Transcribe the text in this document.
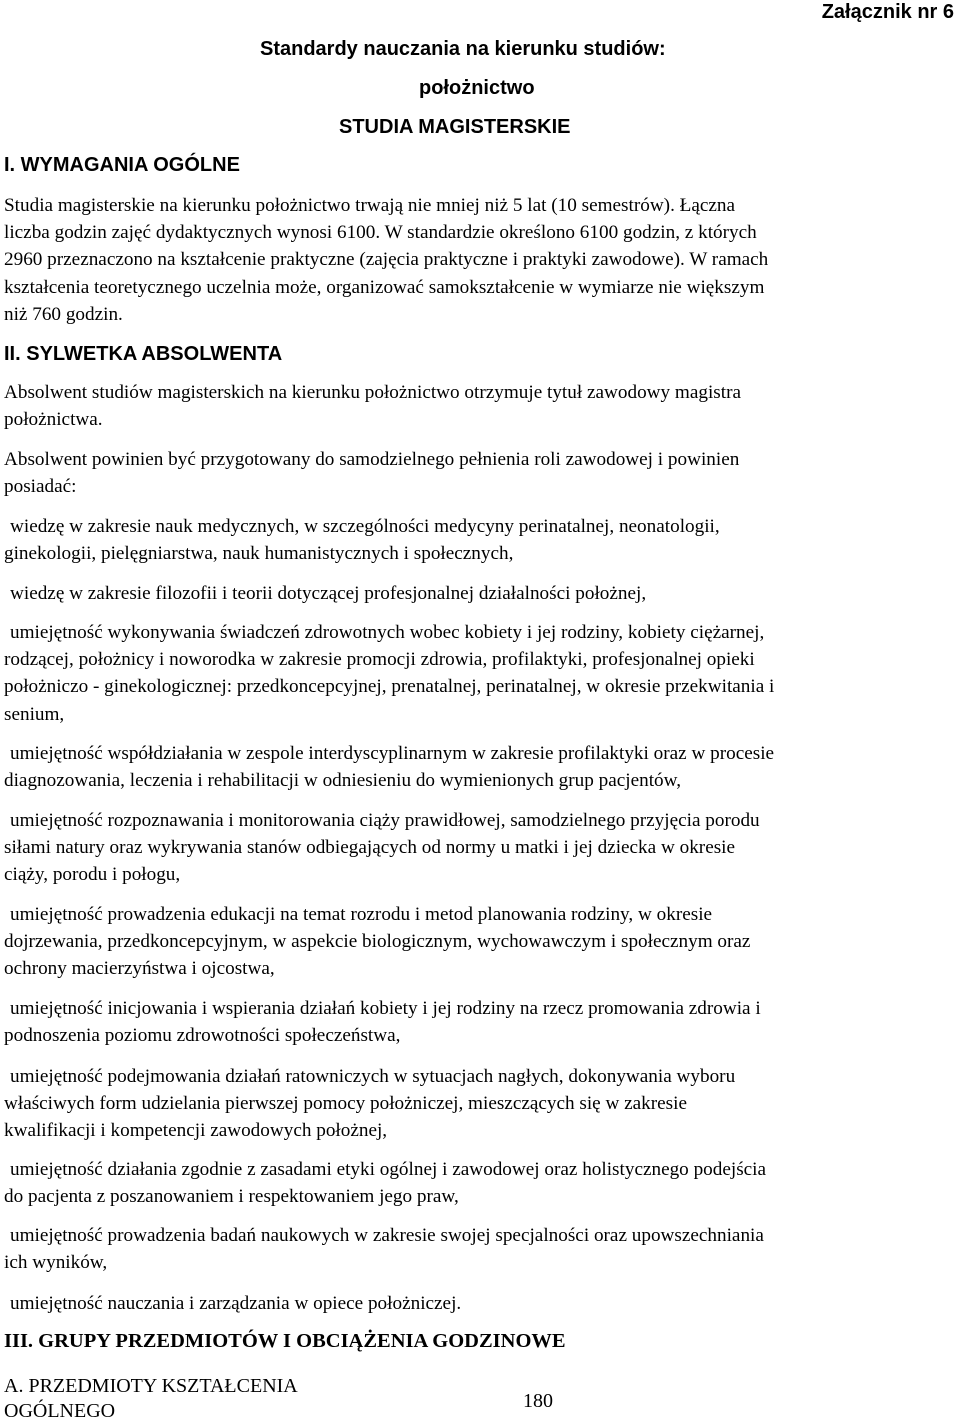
Załącznik nr 6
Standardy nauczania na kierunku studiów:
położnictwo
STUDIA MAGISTERSKIE
I. WYMAGANIA OGÓLNE
Studia magisterskie na kierunku położnictwo trwają nie mniej niż 5 lat (10 semestrów). Łączna
liczba godzin zajęć dydaktycznych wynosi 6100. W standardzie określono 6100 godzin, z których
2960 przeznaczono na kształcenie praktyczne (zajęcia praktyczne i praktyki zawodowe). W ramach
kształcenia teoretycznego uczelnia może, organizować samokształcenie w wymiarze nie większym
niż 760 godzin.
II. SYLWETKA ABSOLWENTA
Absolwent studiów magisterskich na kierunku położnictwo otrzymuje tytuł zawodowy magistra
położnictwa.
Absolwent powinien być przygotowany do samodzielnego pełnienia roli zawodowej i powinien
posiadać:
wiedzę w zakresie nauk medycznych, w szczególności medycyny perinatalnej, neonatologii,
ginekologii, pielęgniarstwa, nauk humanistycznych i społecznych,
wiedzę w zakresie filozofii i teorii dotyczącej profesjonalnej działalności położnej,
umiejętność wykonywania świadczeń zdrowotnych wobec kobiety i jej rodziny, kobiety ciężarnej,
rodzącej, położnicy i noworodka w zakresie promocji zdrowia, profilaktyki, profesjonalnej opieki
położniczo - ginekologicznej: przedkoncepcyjnej, prenatalnej, perinatalnej, w okresie przekwitania i
senium,
umiejętność współdziałania w zespole interdyscyplinarnym w zakresie profilaktyki oraz w procesie
diagnozowania, leczenia i rehabilitacji w odniesieniu do wymienionych grup pacjentów,
umiejętność rozpoznawania i monitorowania ciąży prawidłowej, samodzielnego przyjęcia porodu
siłami natury oraz wykrywania stanów odbiegających od normy u matki i jej dziecka w okresie
ciąży, porodu i połogu,
umiejętność prowadzenia edukacji na temat rozrodu i metod planowania rodziny, w okresie
dojrzewania, przedkoncepcyjnym, w aspekcie biologicznym, wychowawczym i społecznym oraz
ochrony macierzyństwa i ojcostwa,
umiejętność inicjowania i wspierania działań kobiety i jej rodziny na rzecz promowania zdrowia i
podnoszenia poziomu zdrowotności społeczeństwa,
umiejętność podejmowania działań ratowniczych w sytuacjach nagłych, dokonywania wyboru
właściwych form udzielania pierwszej pomocy położniczej, mieszczących się w zakresie
kwalifikacji i kompetencji zawodowych położnej,
umiejętność działania zgodnie z zasadami etyki ogólnej i zawodowej oraz holistycznego podejścia
do pacjenta z poszanowaniem i respektowaniem jego praw,
umiejętność prowadzenia badań naukowych w zakresie swojej specjalności oraz upowszechniania
ich wyników,
umiejętność nauczania i zarządzania w opiece położniczej.
III. GRUPY PRZEDMIOTÓW I OBCIĄŻENIA GODZINOWE
A. PRZEDMIOTY KSZTAŁCENIA
OGÓLNEGO	180
